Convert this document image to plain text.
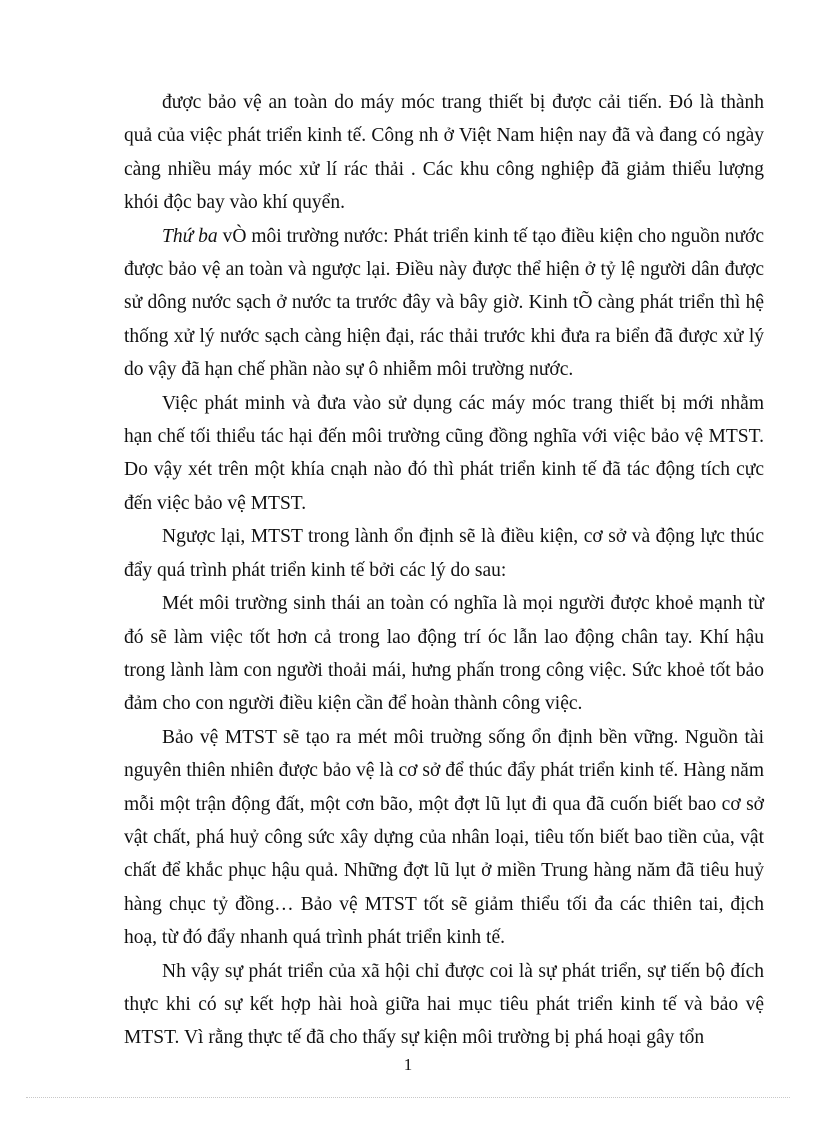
được bảo vệ an toàn do máy móc trang thiết bị được cải tiến. Đó là thành quả của việc phát triển kinh tế. Công nh ở Việt Nam hiện nay đã và đang có ngày càng nhiều máy móc xử lí rác thải . Các khu công nghiệp đã giảm thiểu lượng khói độc bay vào khí quyển.

Thứ ba vÒ môi trường nước: Phát triển kinh tế tạo điều kiện cho nguồn nước được bảo vệ an toàn và ngược lại. Điều này được thể hiện ở tỷ lệ người dân được sử dông nước sạch ở nước ta trước đây và bây giờ. Kinh tÕ càng phát triển thì hệ thống xử lý nước sạch càng hiện đại, rác thải trước khi đưa ra biển đã được xử lý do vậy đã hạn chế phần nào sự ô nhiễm môi trường nước.

Việc phát minh và đưa vào sử dụng các máy móc trang thiết bị mới nhằm hạn chế tối thiểu tác hại đến môi trường cũng đồng nghĩa với việc bảo vệ MTST. Do vậy xét trên một khía cnạh nào đó thì phát triển kinh tế đã tác động tích cực đến việc bảo vệ MTST.

Ngược lại, MTST trong lành ổn định sẽ là điều kiện, cơ sở và động lực thúc đẩy quá trình phát triển kinh tế bởi các lý do sau:

Mét môi trường sinh thái an toàn có nghĩa là mọi người được khoẻ mạnh từ đó sẽ làm việc tốt hơn cả trong lao động trí óc lẫn lao động chân tay. Khí hậu trong lành làm con người thoải mái, hưng phấn trong công việc. Sức khoẻ tốt bảo đảm cho con người điều kiện cần để hoàn thành công việc.

Bảo vệ MTST sẽ tạo ra mét môi truờng sống ổn định bền vững. Nguồn tài nguyên thiên nhiên được bảo vệ là cơ sở để thúc đẩy phát triển kinh tế. Hàng năm mỗi một trận động đất, một cơn bão, một đợt lũ lụt đi qua đã cuốn biết bao cơ sở vật chất, phá huỷ công sức xây dựng của nhân loại, tiêu tốn biết bao tiền của, vật chất để khắc phục hậu quả. Những đợt lũ lụt ở miền Trung hàng năm đã tiêu huỷ hàng chục tỷ đồng… Bảo vệ MTST tốt sẽ giảm thiểu tối đa các thiên tai, địch hoạ, từ đó đẩy nhanh quá trình phát triển kinh tế.

Nh vậy sự phát triển của xã hội chỉ được coi là sự phát triển, sự tiến bộ đích thực khi có sự kết hợp hài hoà giữa hai mục tiêu phát triển kinh tế và bảo vệ MTST. Vì rằng thực tế đã cho thấy sự kiện môi trường bị phá hoại gây tổn

1
